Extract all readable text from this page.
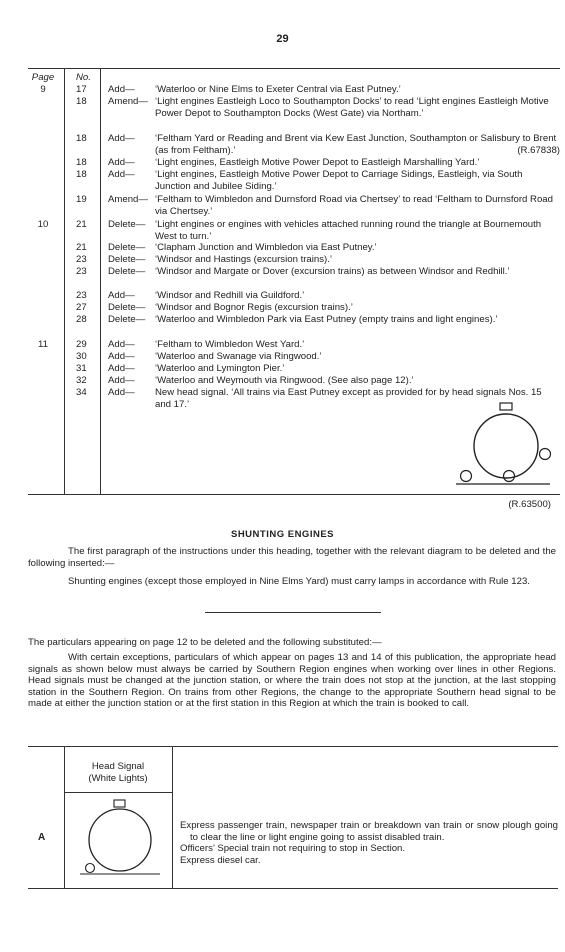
29
Page	No.
9	17	Add—	‘Waterloo or Nine Elms to Exeter Central via East Putney.’
18	Amend— ‘Light engines Eastleigh Loco to Southampton Docks’ to read ‘Light engines Eastleigh Motive Power Depot to Southampton Docks (West Gate) via Northam.’
18	Add—	‘Feltham Yard or Reading and Brent via Kew East Junction, Southampton or Salisbury to Brent (as from Feltham).’	(R.67838)
18	Add—	‘Light engines, Eastleigh Motive Power Depot to Eastleigh Marshalling Yard.’
18	Add—	‘Light engines, Eastleigh Motive Power Depot to Carriage Sidings, Eastleigh, via South Junction and Jubilee Siding.’
19	Amend— ‘Feltham to Wimbledon and Durnsford Road via Chertsey’ to read ‘Feltham to Durnsford Road via Chertsey.’
10	21	Delete—	‘Light engines or engines with vehicles attached running round the triangle at Bournemouth West to turn.’
21	Delete—	‘Clapham Junction and Wimbledon via East Putney.’
23	Delete—	‘Windsor and Hastings (excursion trains).’
23	Delete—	‘Windsor and Margate or Dover (excursion trains) as between Windsor and Redhill.’
23	Add—	‘Windsor and Redhill via Guildford.’
27	Delete—	‘Windsor and Bognor Regis (excursion trains).’
28	Delete—	‘Waterloo and Wimbledon Park via East Putney (empty trains and light engines).’
11	29	Add—	‘Feltham to Wimbledon West Yard.’
30	Add—	‘Waterloo and Swanage via Ringwood.’
31	Add—	‘Waterloo and Lymington Pier.’
32	Add—	‘Waterloo and Weymouth via Ringwood. (See also page 12).’
34	Add—	New head signal. ‘All trains via East Putney except as provided for by head signals Nos. 15 and 17.’
(R.63500)
SHUNTING ENGINES
The first paragraph of the instructions under this heading, together with the relevant diagram to be deleted and the following inserted:—
Shunting engines (except those employed in Nine Elms Yard) must carry lamps in accordance with Rule 123.
The particulars appearing on page 12 to be deleted and the following substituted:—
With certain exceptions, particulars of which appear on pages 13 and 14 of this publication, the appropriate head signals as shown below must always be carried by Southern Region engines when working over lines in other Regions. Head signals must be changed at the junction station, or where the train does not stop at the junction, at the last stopping station in the Southern Region. On trains from other Regions, the change to the appropriate Southern head signal to be made at either the junction station or at the first station in this Region at which the train is booked to call.
Head Signal
(White Lights)
A
Express passenger train, newspaper train or breakdown van train or snow plough going to clear the line or light engine going to assist disabled train.
Officers’ Special train not requiring to stop in Section.
Express diesel car.
